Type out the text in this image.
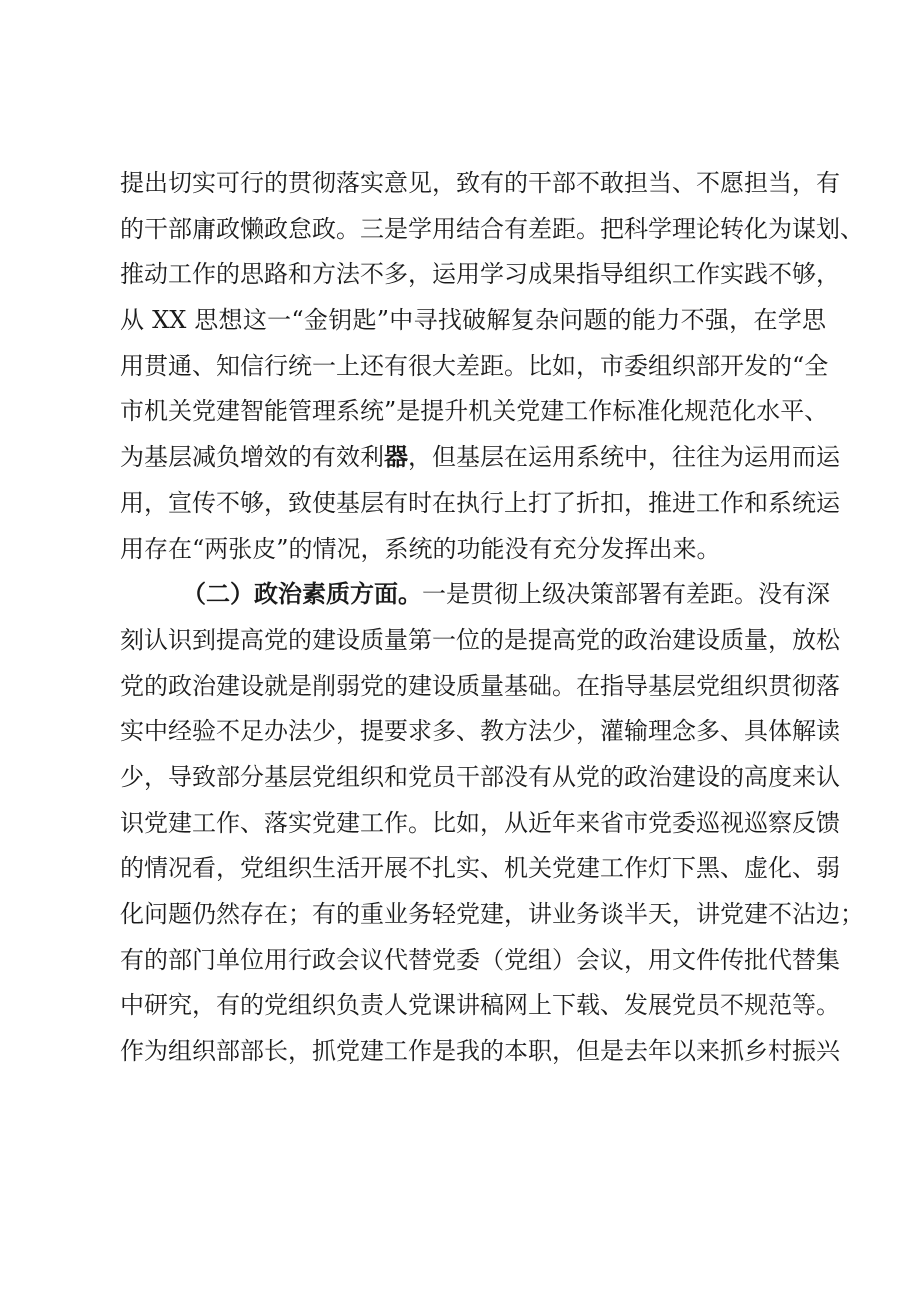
提出切实可行的贯彻落实意见，致有的干部不敢担当、不愿担当，有
的干部庸政懒政怠政。三是学用结合有差距。把科学理论转化为谋划、
推动工作的思路和方法不多，运用学习成果指导组织工作实践不够，
从 XX 思想这一“金钥匙”中寻找破解复杂问题的能力不强，在学思
用贯通、知信行统一上还有很大差距。比如，市委组织部开发的“全
市机关党建智能管理系统”是提升机关党建工作标准化规范化水平、
为基层减负增效的有效利器，但基层在运用系统中，往往为运用而运
用，宣传不够，致使基层有时在执行上打了折扣，推进工作和系统运
用存在“两张皮”的情况，系统的功能没有充分发挥出来。
（二）政治素质方面。一是贯彻上级决策部署有差距。没有深
刻认识到提高党的建设质量第一位的是提高党的政治建设质量，放松
党的政治建设就是削弱党的建设质量基础。在指导基层党组织贯彻落
实中经验不足办法少，提要求多、教方法少，灌输理念多、具体解读
少，导致部分基层党组织和党员干部没有从党的政治建设的高度来认
识党建工作、落实党建工作。比如，从近年来省市党委巡视巡察反馈
的情况看，党组织生活开展不扎实、机关党建工作灯下黑、虚化、弱
化问题仍然存在；有的重业务轻党建，讲业务谈半天，讲党建不沾边；
有的部门单位用行政会议代替党委（党组）会议，用文件传批代替集
中研究，有的党组织负责人党课讲稿网上下载、发展党员不规范等。
作为组织部部长，抓党建工作是我的本职，但是去年以来抓乡村振兴
